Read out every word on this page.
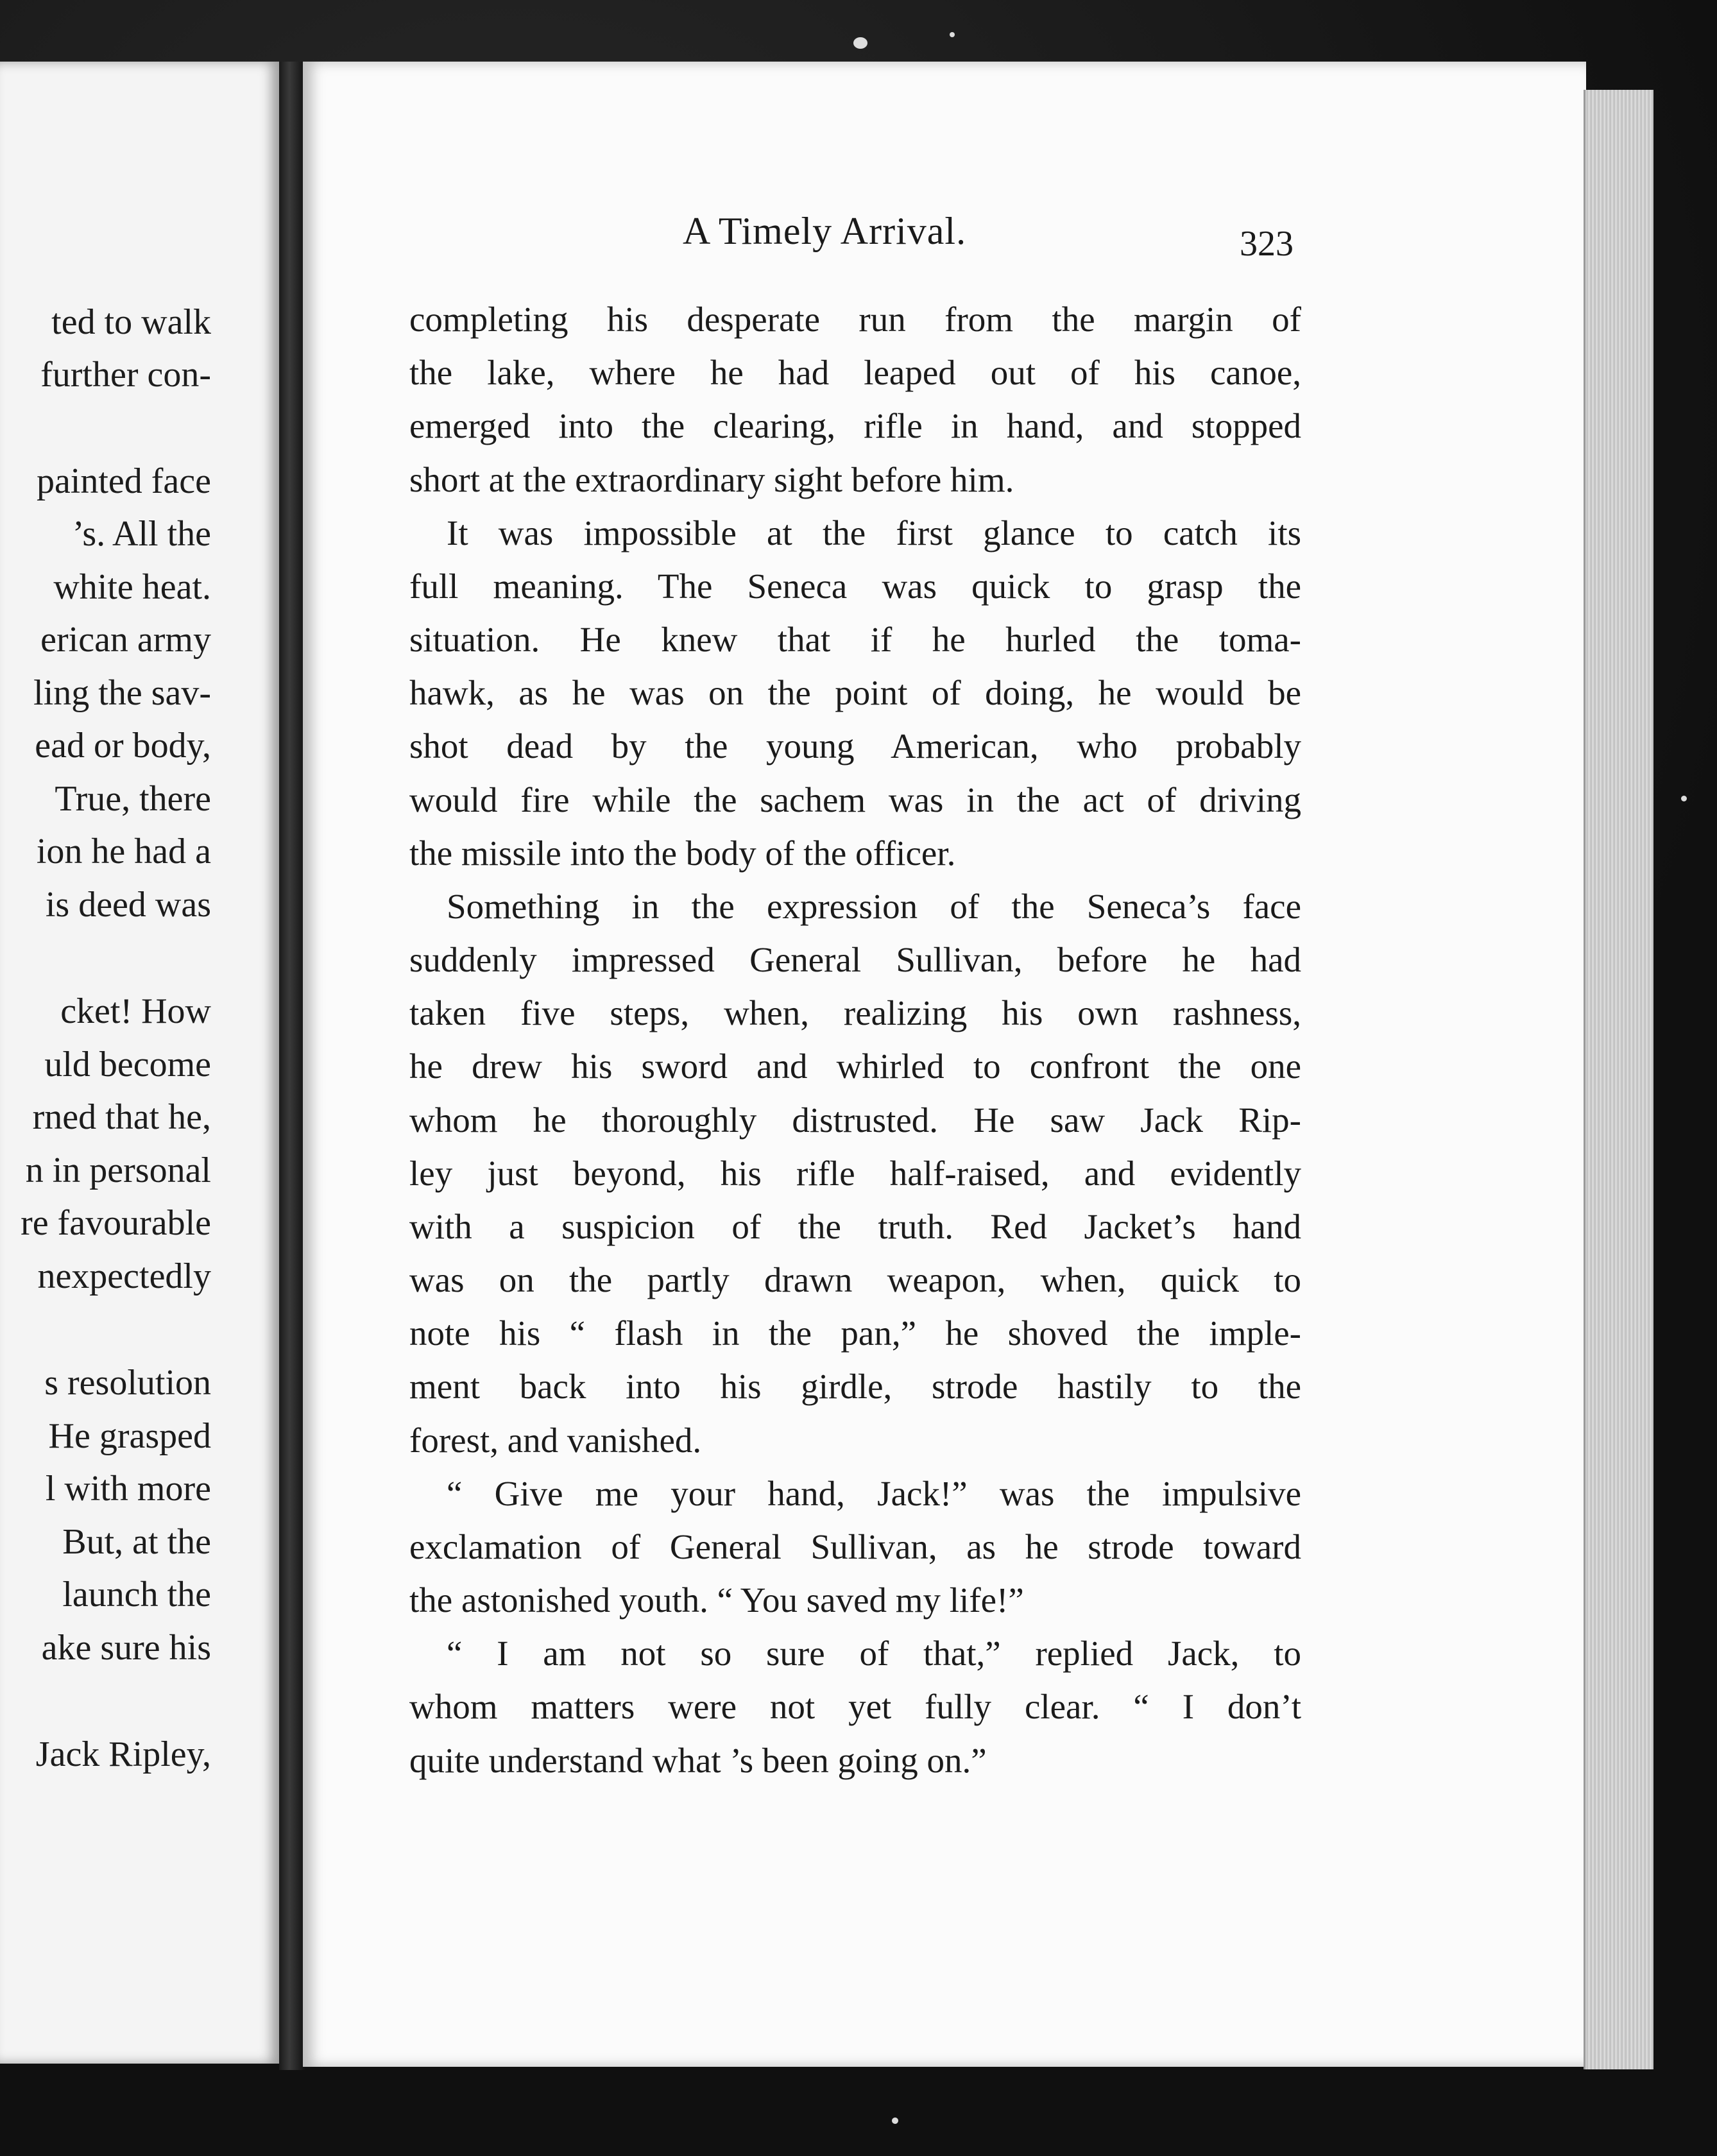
ted to walk

further con-

painted face

’s. All the

white heat.

erican army

ling the sav-

ead or body,

True, there

ion he had a

is deed was

cket! How

uld become

rned that he,

n in personal

re favourable

nexpectedly

s resolution

He grasped

l with more

But, at the

launch the

ake sure his

Jack Ripley,

A Timely Arrival.	323

completing his desperate run from the margin of

the lake, where he had leaped out of his canoe,

emerged into the clearing, rifle in hand, and stopped

short at the extraordinary sight before him.

It was impossible at the first glance to catch its

full meaning. The Seneca was quick to grasp the

situation. He knew that if he hurled the toma-

hawk, as he was on the point of doing, he would be

shot dead by the young American, who probably

would fire while the sachem was in the act of driving

the missile into the body of the officer.

Something in the expression of the Seneca’s face

suddenly impressed General Sullivan, before he had

taken five steps, when, realizing his own rashness,

he drew his sword and whirled to confront the one

whom he thoroughly distrusted. He saw Jack Rip-

ley just beyond, his rifle half-raised, and evidently

with a suspicion of the truth. Red Jacket’s hand

was on the partly drawn weapon, when, quick to

note his “ flash in the pan,” he shoved the imple-

ment back into his girdle, strode hastily to the

forest, and vanished.

“ Give me your hand, Jack!” was the impulsive

exclamation of General Sullivan, as he strode toward

the astonished youth. “ You saved my life!”

“ I am not so sure of that,” replied Jack, to

whom matters were not yet fully clear. “ I don’t

quite understand what ’s been going on.”
